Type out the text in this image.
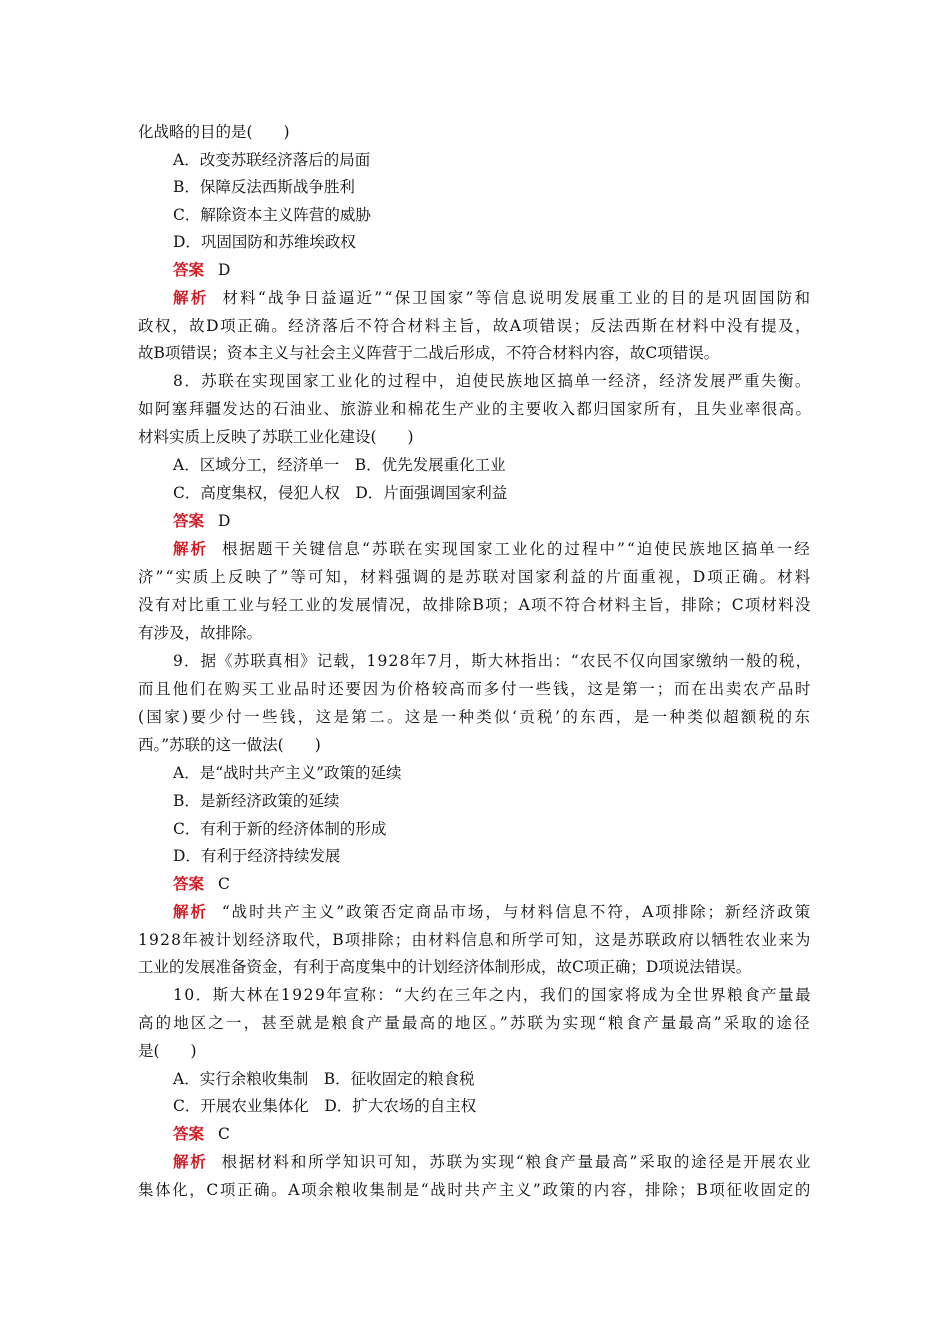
化战略的目的是(　　)
A．改变苏联经济落后的局面
B．保障反法西斯战争胜利
C．解除资本主义阵营的威胁
D．巩固国防和苏维埃政权
答案 D
解析 材料“战争日益逼近”“保卫国家”等信息说明发展重工业的目的是巩固国防和
政权，故D项正确。经济落后不符合材料主旨，故A项错误；反法西斯在材料中没有提及，
故B项错误；资本主义与社会主义阵营于二战后形成，不符合材料内容，故C项错误。
8．苏联在实现国家工业化的过程中，迫使民族地区搞单一经济，经济发展严重失衡。
如阿塞拜疆发达的石油业、旅游业和棉花生产业的主要收入都归国家所有，且失业率很高。
材料实质上反映了苏联工业化建设(　　)
A．区域分工，经济单一　B．优先发展重化工业
C．高度集权，侵犯人权　D．片面强调国家利益
答案 D
解析 根据题干关键信息“苏联在实现国家工业化的过程中”“迫使民族地区搞单一经
济”“实质上反映了”等可知，材料强调的是苏联对国家利益的片面重视，D项正确。材料
没有对比重工业与轻工业的发展情况，故排除B项；A项不符合材料主旨，排除；C项材料没
有涉及，故排除。
9．据《苏联真相》记载，1928年7月，斯大林指出：“农民不仅向国家缴纳一般的税，
而且他们在购买工业品时还要因为价格较高而多付一些钱，这是第一；而在出卖农产品时
(国家)要少付一些钱，这是第二。这是一种类似‘贡税’的东西，是一种类似超额税的东
西。”苏联的这一做法(　　)
A．是“战时共产主义”政策的延续
B．是新经济政策的延续
C．有利于新的经济体制的形成
D．有利于经济持续发展
答案 C
解析 “战时共产主义”政策否定商品市场，与材料信息不符，A项排除；新经济政策
1928年被计划经济取代，B项排除；由材料信息和所学可知，这是苏联政府以牺牲农业来为
工业的发展准备资金，有利于高度集中的计划经济体制形成，故C项正确；D项说法错误。
10．斯大林在1929年宣称：“大约在三年之内，我们的国家将成为全世界粮食产量最
高的地区之一，甚至就是粮食产量最高的地区。”苏联为实现“粮食产量最高”采取的途径
是(　　)
A．实行余粮收集制　B．征收固定的粮食税
C．开展农业集体化　D．扩大农场的自主权
答案 C
解析 根据材料和所学知识可知，苏联为实现“粮食产量最高”采取的途径是开展农业
集体化，C项正确。A项余粮收集制是“战时共产主义”政策的内容，排除；B项征收固定的
